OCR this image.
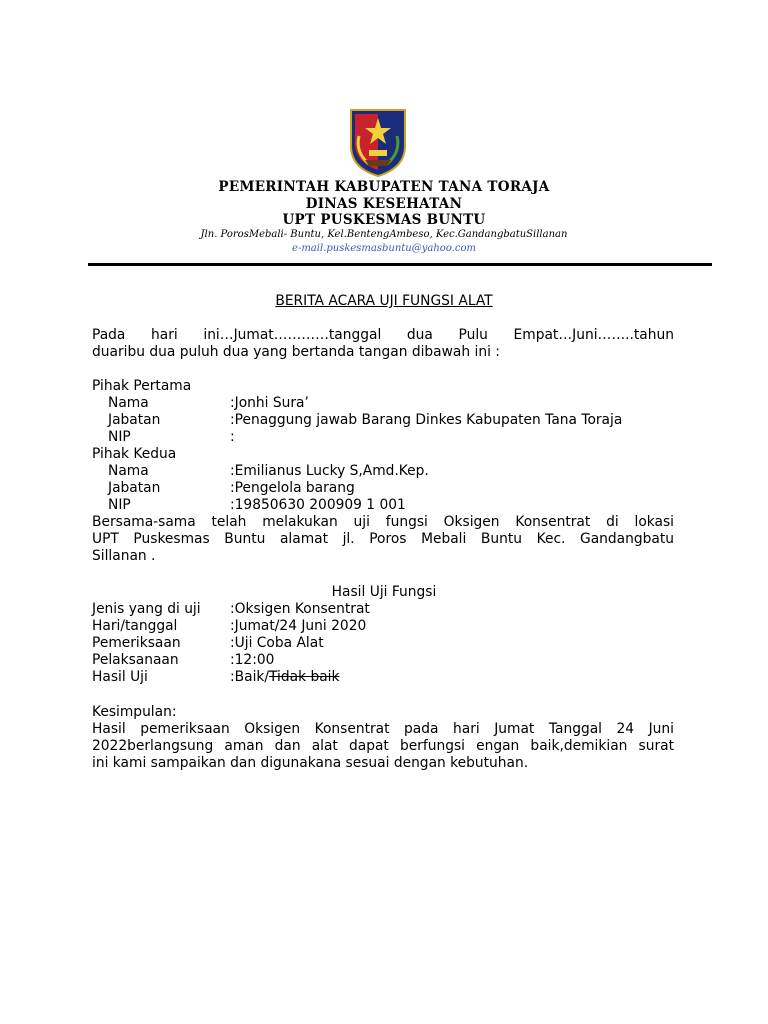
PEMERINTAH KABUPATEN TANA TORAJA
DINAS KESEHATAN
UPT PUSKESMAS BUNTU
Jln. PorosMebali- Buntu, Kel.BentengAmbeso, Kec.GandangbatuSillanan
e-mail.puskesmasbuntu@yahoo.com
BERITA ACARA UJI FUNGSI ALAT
Pada hari ini…Jumat…………tanggal dua Pulu Empat…Juni……..tahun
duaribu dua puluh dua yang bertanda tangan dibawah ini :
Pihak Pertama
Nama	:Jonhi Sura’
Jabatan	:Penaggung jawab Barang Dinkes Kabupaten Tana Toraja
NIP	:
Pihak Kedua
Nama	:Emilianus Lucky S,Amd.Kep.
Jabatan	:Pengelola barang
NIP	:19850630 200909 1 001
Bersama-sama telah melakukan uji fungsi Oksigen Konsentrat di lokasi
UPT Puskesmas Buntu alamat jl. Poros Mebali Buntu Kec. Gandangbatu
Sillanan .
Hasil Uji Fungsi
Jenis yang di uji :Oksigen Konsentrat
Hari/tanggal	:Jumat/24 Juni 2020
Pemeriksaan	:Uji Coba Alat
Pelaksanaan	:12:00
Hasil Uji	:Baik/Tidak baik
Kesimpulan:
Hasil pemeriksaan Oksigen Konsentrat pada hari Jumat Tanggal 24 Juni
2022berlangsung aman dan alat dapat berfungsi engan baik,demikian surat
ini kami sampaikan dan digunakana sesuai dengan kebutuhan.
